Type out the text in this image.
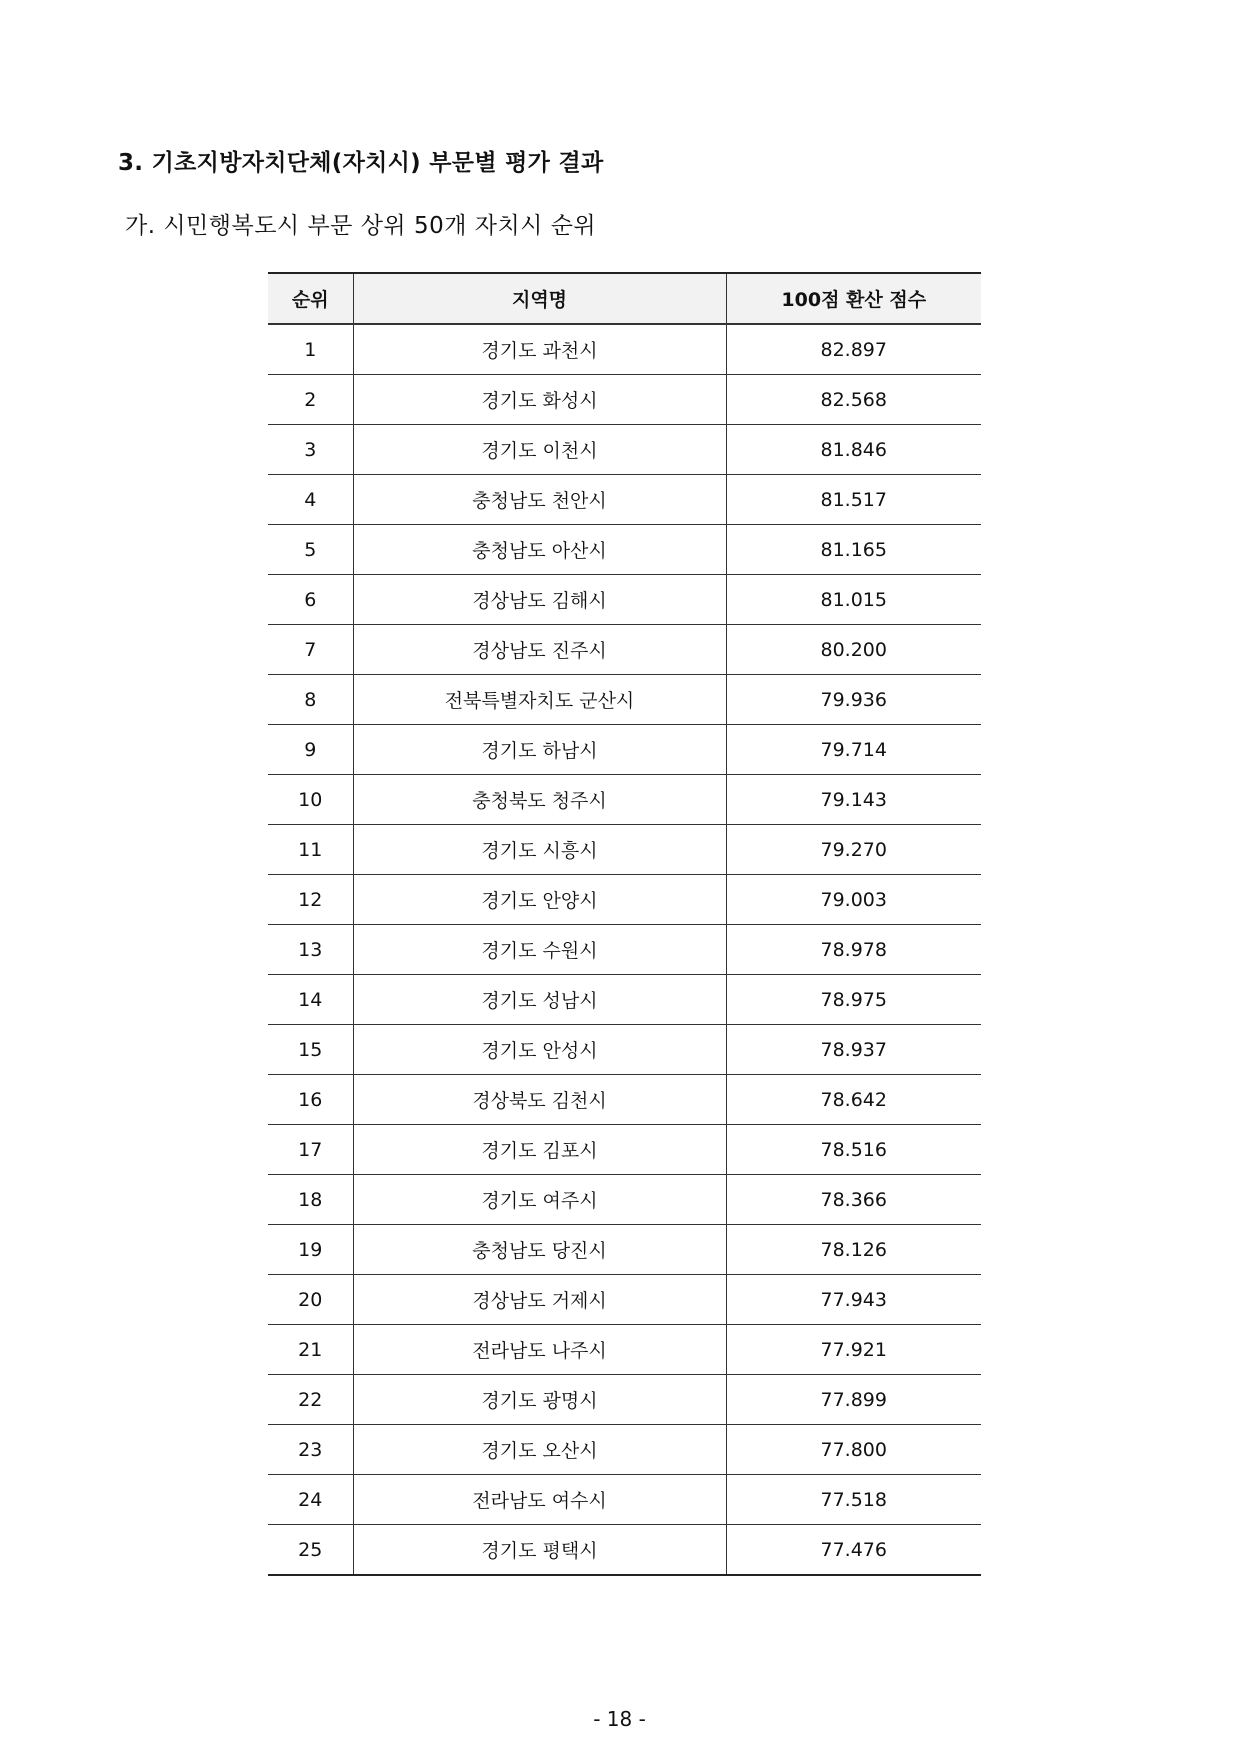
3. 기초지방자치단체(자치시) 부문별 평가 결과
가. 시민행복도시 부문 상위 50개 자치시 순위
순위	지역명	100점 환산 점수
1	경기도 과천시	82.897
2	경기도 화성시	82.568
3	경기도 이천시	81.846
4	충청남도 천안시	81.517
5	충청남도 아산시	81.165
6	경상남도 김해시	81.015
7	경상남도 진주시	80.200
8	전북특별자치도 군산시	79.936
9	경기도 하남시	79.714
10	충청북도 청주시	79.143
11	경기도 시흥시	79.270
12	경기도 안양시	79.003
13	경기도 수원시	78.978
14	경기도 성남시	78.975
15	경기도 안성시	78.937
16	경상북도 김천시	78.642
17	경기도 김포시	78.516
18	경기도 여주시	78.366
19	충청남도 당진시	78.126
20	경상남도 거제시	77.943
21	전라남도 나주시	77.921
22	경기도 광명시	77.899
23	경기도 오산시	77.800
24	전라남도 여수시	77.518
25	경기도 평택시	77.476
- 18 -
